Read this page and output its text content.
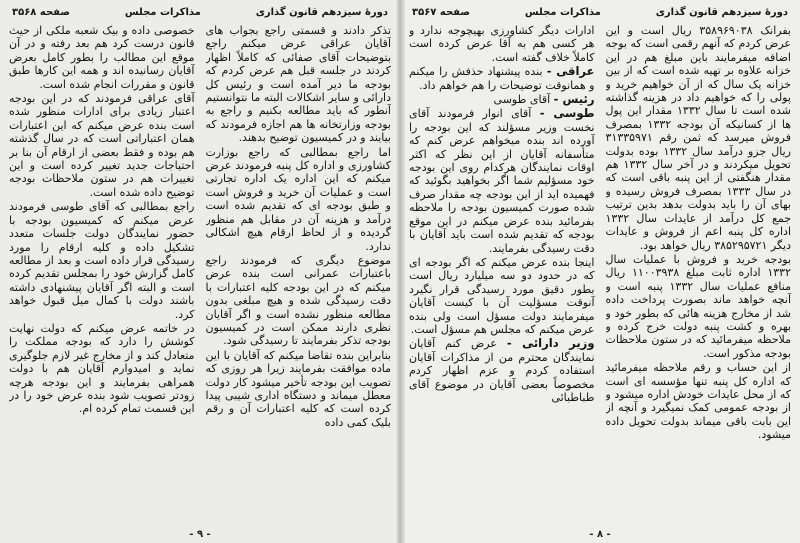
دورهٔ سیزدهم قانون گذاری
مذاکرات مجلس
صفحه ۳۵۶۸

تذکر دادند و قسمتی راجع بجواب های آقایان عراقی عرض میکنم راجع بتوضیحات آقای صفائی که کاملاً اظهار کردند در جلسه قبل هم عرض کردم که بودجه ما دیر آمده است و رئیس کل دارائی و سایر اشکالات البته ما نتوانستیم آنطور که باید مطالعه بکنیم و راجع به بودجه وزارتخانه ها هم اجازه فرمودند که بیایند و در کمیسیون توضیح بدهند.

اما راجع بمطالبی که راجع بوزارت کشاورزی و اداره کل پنبه فرمودند عرض میکنم که این اداره یک اداره تجارتی است و عملیات آن خرید و فروش است و طبق بودجه ای که تقدیم شده است درآمد و هزینه آن در مقابل هم منظور گردیده و از لحاظ ارقام هیچ اشکالی ندارد.

موضوع دیگری که فرمودند راجع باعتبارات عمرانی است بنده عرض میکنم که در این بودجه کلیه اعتبارات با دقت رسیدگی شده و هیچ مبلغی بدون مطالعه منظور نشده است و اگر آقایان نظری دارند ممکن است در کمیسیون بودجه تذکر بفرمایند تا رسیدگی شود.

بنابراین بنده تقاضا میکنم که آقایان با این ماده موافقت بفرمایند زیرا هر روزی که تصویب این بودجه تأخیر میشود کار دولت معطل میماند و دستگاه اداری شیبی پیدا کرده است که کلیه اعتبارات آن و رقم بلیک کمی داده

خصوصی داده و بیک شعبه ملکی از حیث قانون درست کرد هم بعد رفته و در آن موقع این مطالب را بطور کامل بعرض آقایان رسانیده اند و همه این کارها طبق قانون و مقررات انجام شده است.

آقای عراقی فرمودند که در این بودجه اعتبار زیادی برای ادارات منظور شده است بنده عرض میکنم که این اعتبارات همان اعتباراتی است که در سال گذشته هم بوده و فقط بعضی از ارقام آن بنا بر احتیاجات جدید تغییر کرده است و این تغییرات هم در ستون ملاحظات بودجه توضیح داده شده است.

راجع بمطالبی که آقای طوسی فرمودند عرض میکنم که کمیسیون بودجه با حضور نمایندگان دولت جلسات متعدد تشکیل داده و کلیه ارقام را مورد رسیدگی قرار داده است و بعد از مطالعه کامل گزارش خود را بمجلس تقدیم کرده است و البته اگر آقایان پیشنهادی داشته باشند دولت با کمال میل قبول خواهد کرد.

در خاتمه عرض میکنم که دولت نهایت کوشش را دارد که بودجه مملکت را متعادل کند و از مخارج غیر لازم جلوگیری نماید و امیدوارم آقایان هم با دولت همراهی بفرمایند و این بودجه هرچه زودتر تصویب شود بنده عرض خود را در این قسمت تمام کرده ام.

- ۹ -
دورهٔ سیزدهم قانون گذاری
مذاکرات مجلس
صفحه ۳۵۶۷

بفرانک ۳۵۸۹۶۹۰۳۸ ریال است و این عرض کردم که آنهم رقمی است که بوجه اضافه میفرمایند باین مبلغ هم در این خزانه علاوه بر تهیه شده است که از بین خزانه یک سال که از آن خواهیم خرید و پولی را که خواهیم داد در هزینه گذاشته شده است تا سال ۱۳۳۲ مقدار این پول ها از کسانیکه آن بودجه ۱۳۳۲ بمصرف فروش میرسد که ثمن رقم ۳۱۳۳۵۹۷۱ ریال جزو درآمد سال ۱۳۳۲ بوده بدولت تحویل میکردند و در آخر سال ۱۳۳۲ هم مقدار هنگفتی از این پنبه باقی است که در سال ۱۳۳۳ بمصرف فروش رسیده و بهای آن را باید بدولت بدهد بدین ترتیب جمع کل درآمد از عایدات سال ۱۳۳۲ اداره کل پنبه اعم از فروش و عایدات دیگر ۳۸۵۲۹۵۷۲۱ ریال خواهد بود.

بودجه خرید و فروش با عملیات سال ۱۳۳۲ اداره ثابت مبلغ ۱۱۰۰۳۹۳۸ ریال منافع عملیات سال ۱۳۳۲ پنبه است و آنچه خواهد ماند بصورت پرداخت داده شد از مخارج هزینه هائی که بطور خود و بهره و کشت پنبه دولت خرج کرده و ملاحظه میفرمائید که در ستون ملاحظات بودجه مذکور است.

از این حساب و رقم ملاحظه میفرمائید که اداره کل پنبه تنها مؤسسه ای است که از محل عایدات خودش اداره میشود و از بودجه عمومی کمک نمیگیرد و آنچه از این بابت باقی میماند بدولت تحویل داده میشود.

ادارات دیگر کشاورزی بهیچوجه ندارد و هر کسی هم به آقا عرض کرده است کاملاً خلاف گفته است.

عراقی - بنده پیشنهاد حذفش را میکنم و همانوقت توضیحات را هم خواهم داد.

رئیس - آقای طوسی

طوسی - آقای انوار فرمودند آقای نخست وزیر مسؤلند که این بودجه را آورده اند بنده میخواهم عرض کنم که متأسفانه آقایان از این نظر که اکثر اوقات نمایندگان هرکدام روی این بودجه خود مسؤلیم شما اگر بخواهید بگوئید که فهمیده اید از این بودجه چه مقدار صرف شده صورت کمیسیون بودجه را ملاحظه بفرمائید بنده عرض میکنم در این موقع بودجه که تقدیم شده است باید آقایان با دقت رسیدگی بفرمایند.

اینجا بنده عرض میکنم که اگر بودجه ای که در حدود دو سه میلیارد ریال است بطور دقیق مورد رسیدگی قرار نگیرد آنوقت مسؤلیت آن با کیست آقایان میفرمایند دولت مسؤل است ولی بنده عرض میکنم که مجلس هم مسؤل است.

وزیر دارائی - عرض کنم آقایان نمایندگان محترم من از مذاکرات آقایان استفاده کردم و عزم اظهار کردم مخصوصاً بعضی آقایان در موضوع آقای طباطبائی

- ۸ -
